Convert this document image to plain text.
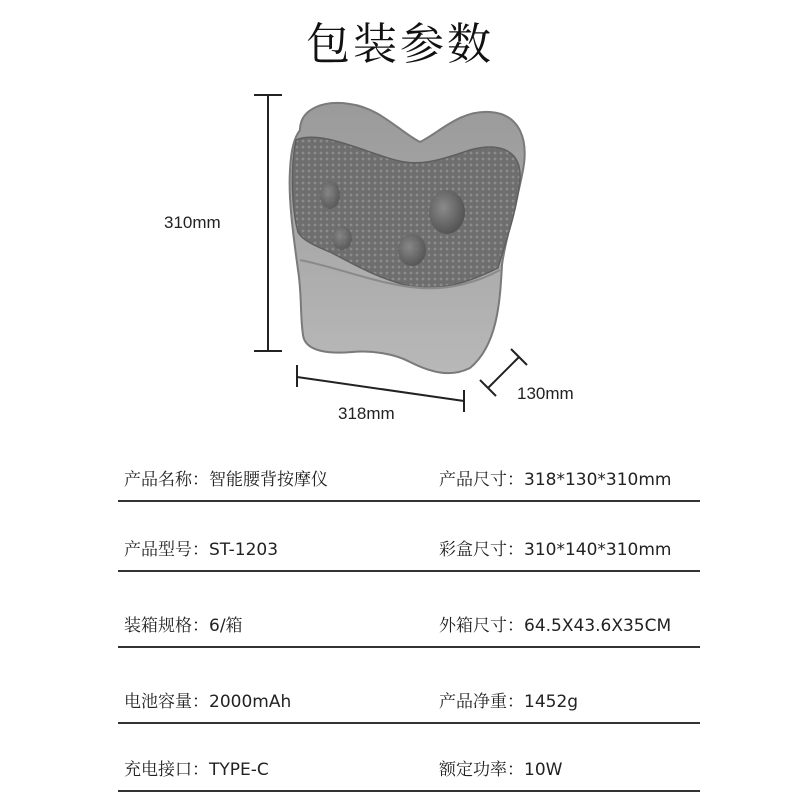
包装参数
310mm
318mm
130mm
产品名称：智能腰背按摩仪	产品尺寸：318*130*310mm
产品型号：ST-1203	彩盒尺寸：310*140*310mm
装箱规格：6/箱	外箱尺寸：64.5X43.6X35CM
电池容量：2000mAh	产品净重：1452g
充电接口：TYPE-C	额定功率：10W
